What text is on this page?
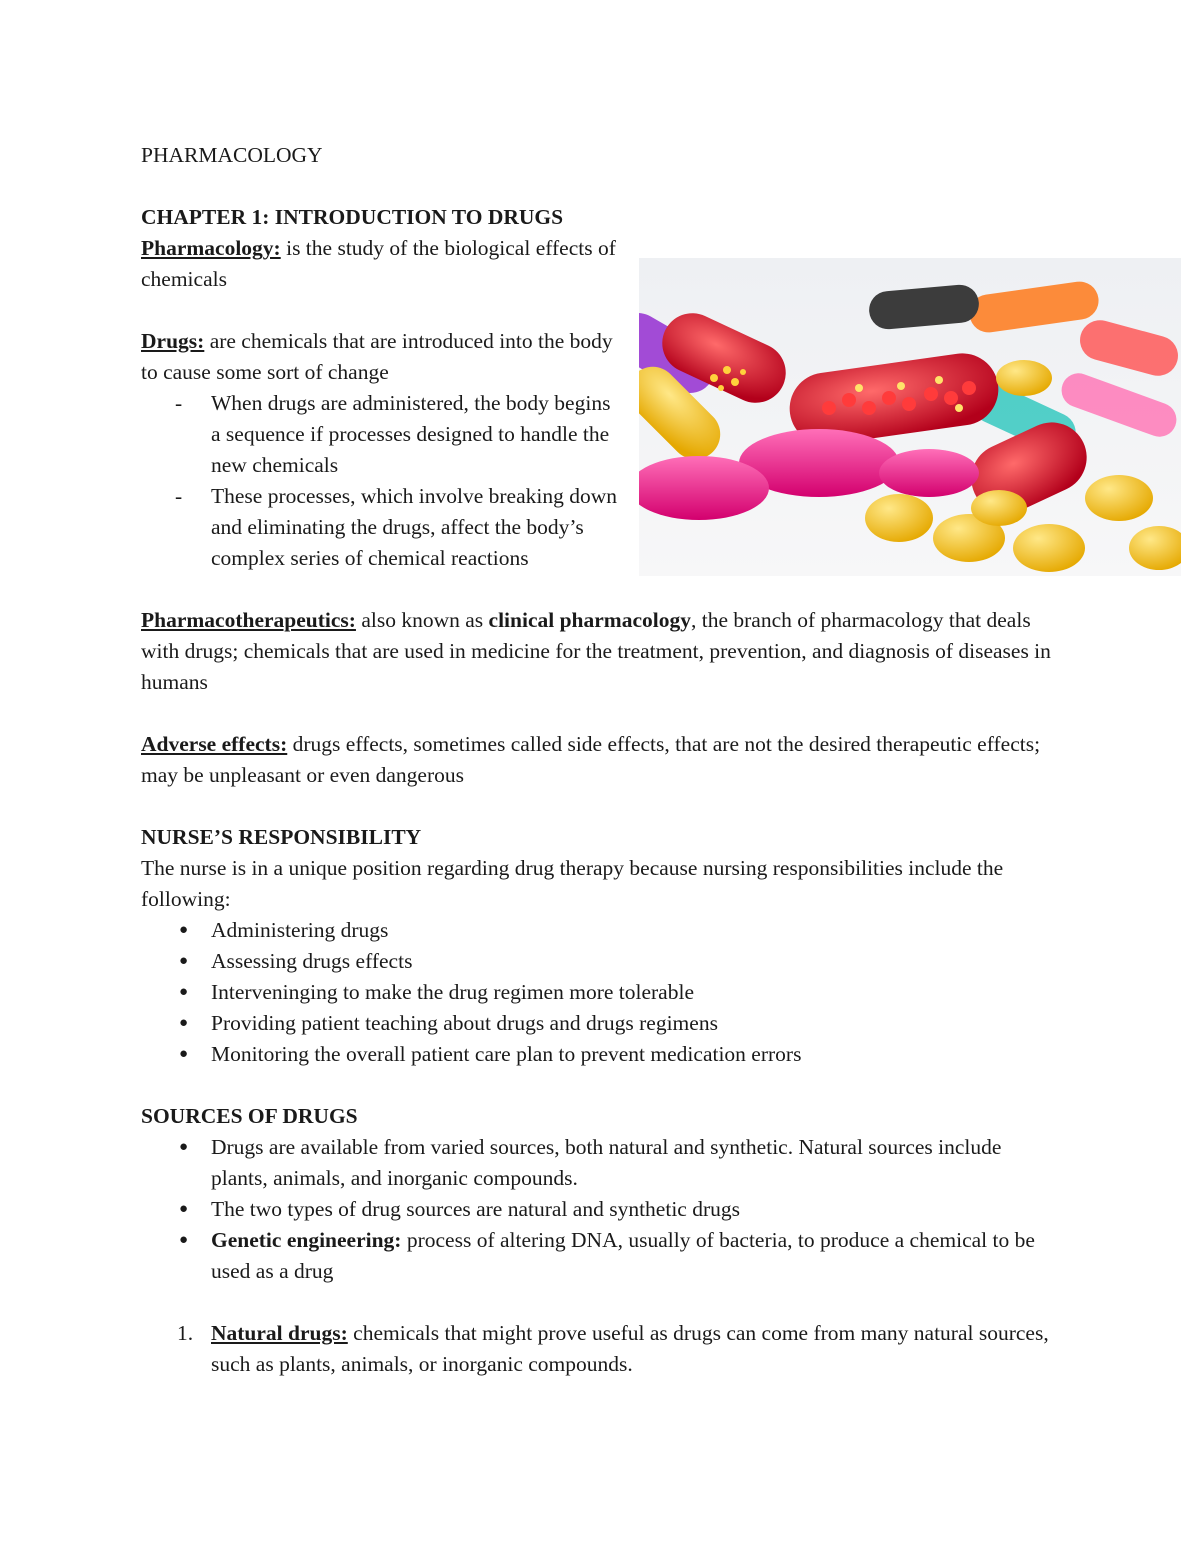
PHARMACOLOGY

CHAPTER 1: INTRODUCTION TO DRUGS

Pharmacology: is the study of the biological effects of chemicals

Drugs: are chemicals that are introduced into the body to cause some sort of change

- When drugs are administered, the body begins a sequence if processes designed to handle the new chemicals
- These processes, which involve breaking down and eliminating the drugs, affect the body’s complex series of chemical reactions

Pharmacotherapeutics: also known as clinical pharmacology, the branch of pharmacology that deals with drugs; chemicals that are used in medicine for the treatment, prevention, and diagnosis of diseases in humans

Adverse effects: drugs effects, sometimes called side effects, that are not the desired therapeutic effects; may be unpleasant or even dangerous

NURSE’S RESPONSIBILITY

The nurse is in a unique position regarding drug therapy because nursing responsibilities include the following:

● Administering drugs
● Assessing drugs effects
● Interveninging to make the drug regimen more tolerable
● Providing patient teaching about drugs and drugs regimens
● Monitoring the overall patient care plan to prevent medication errors

SOURCES OF DRUGS

● Drugs are available from varied sources, both natural and synthetic. Natural sources include plants, animals, and inorganic compounds.
● The two types of drug sources are natural and synthetic drugs
● Genetic engineering: process of altering DNA, usually of bacteria, to produce a chemical to be used as a drug
1. Natural drugs: chemicals that might prove useful as drugs can come from many natural sources, such as plants, animals, or inorganic compounds.
